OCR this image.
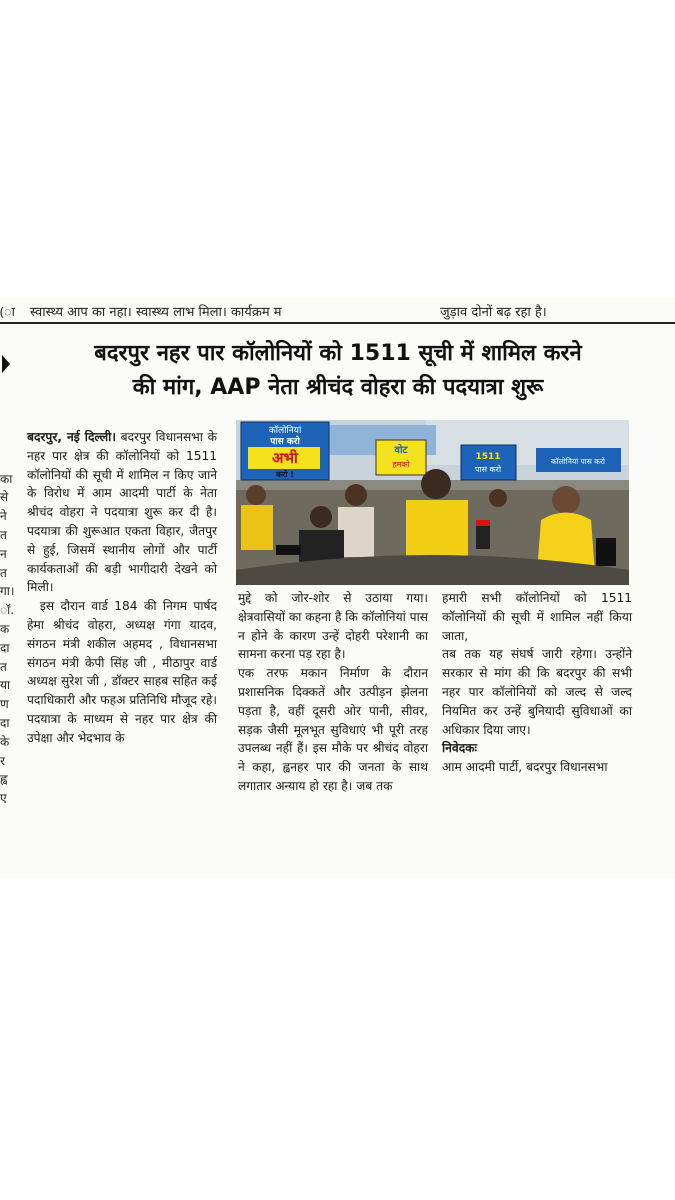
(ा स्वास्थ्य आप का नहा। स्वास्थ्य लाभ मिला। कार्यक्रम म	जुड़ाव दोनों बढ़ रहा है।
बदरपुर नहर पार कॉलोनियों को 1511 सूची में शामिल करने
की मांग, AAP नेता श्रीचंद वोहरा की पदयात्रा शुरू

का
से
ने
त
न
त
गा।
ॉ.
क
दा
त
या
ण
दा
के
र
ह्व
ए

बदरपुर, नई दिल्ली। बदरपुर विधानसभा के नहर पार क्षेत्र की कॉलोनियों को 1511 कॉलोनियों की सूची में शामिल न किए जाने के विरोध में आम आदमी पार्टी के नेता श्रीचंद वोहरा ने पदयात्रा शुरू कर दी है। पदयात्रा की शुरूआत एकता विहार, जैतपुर से हुई, जिसमें स्थानीय लोगों और पार्टी कार्यकताओं की बड़ी भागीदारी देखने को मिली।

इस दौरान वार्ड 184 की निगम पार्षद हेमा श्रीचंद वोहरा, अध्यक्ष गंगा यादव, संगठन मंत्री शकील अहमद , विधानसभा संगठन मंत्री केपी सिंह जी , मीठापुर वार्ड अध्यक्ष सुरेश जी , डॉक्टर साहब सहित कई पदाधिकारी और फहअ प्रतिनिधि मौजूद रहे। पदयात्रा के माध्यम से नहर पार क्षेत्र की उपेक्षा और भेदभाव के

कॉलोनियां
पास करो
अभी
करो !
वोट
हमको
1511
पास करो
कॉलोनियां पास करो

मुद्दे को जोर-शोर से उठाया गया। क्षेत्रवासियों का कहना है कि कॉलोनियां पास न होने के कारण उन्हें दोहरी परेशानी का सामना करना पड़ रहा है।

एक तरफ मकान निर्माण के दौरान प्रशासनिक दिक्कतें और उत्पीड़न झेलना पड़ता है, वहीं दूसरी ओर पानी, सीवर, सड़क जैसी मूलभूत सुविधाएं भी पूरी तरह उपलब्ध नहीं हैं। इस मौके पर श्रीचंद वोहरा ने कहा, ह्वनहर पार की जनता के साथ लगातार अन्याय हो रहा है। जब तक

हमारी सभी कॉलोनियों को 1511 कॉलोनियों की सूची में शामिल नहीं किया जाता,

तब तक यह संघर्ष जारी रहेगा। उन्होंने सरकार से मांग की कि बदरपुर की सभी नहर पार कॉलोनियों को जल्द से जल्द नियमित कर उन्हें बुनियादी सुविधाओं का अधिकार दिया जाए।

निवेदकः

आम आदमी पार्टी, बदरपुर विधानसभा
